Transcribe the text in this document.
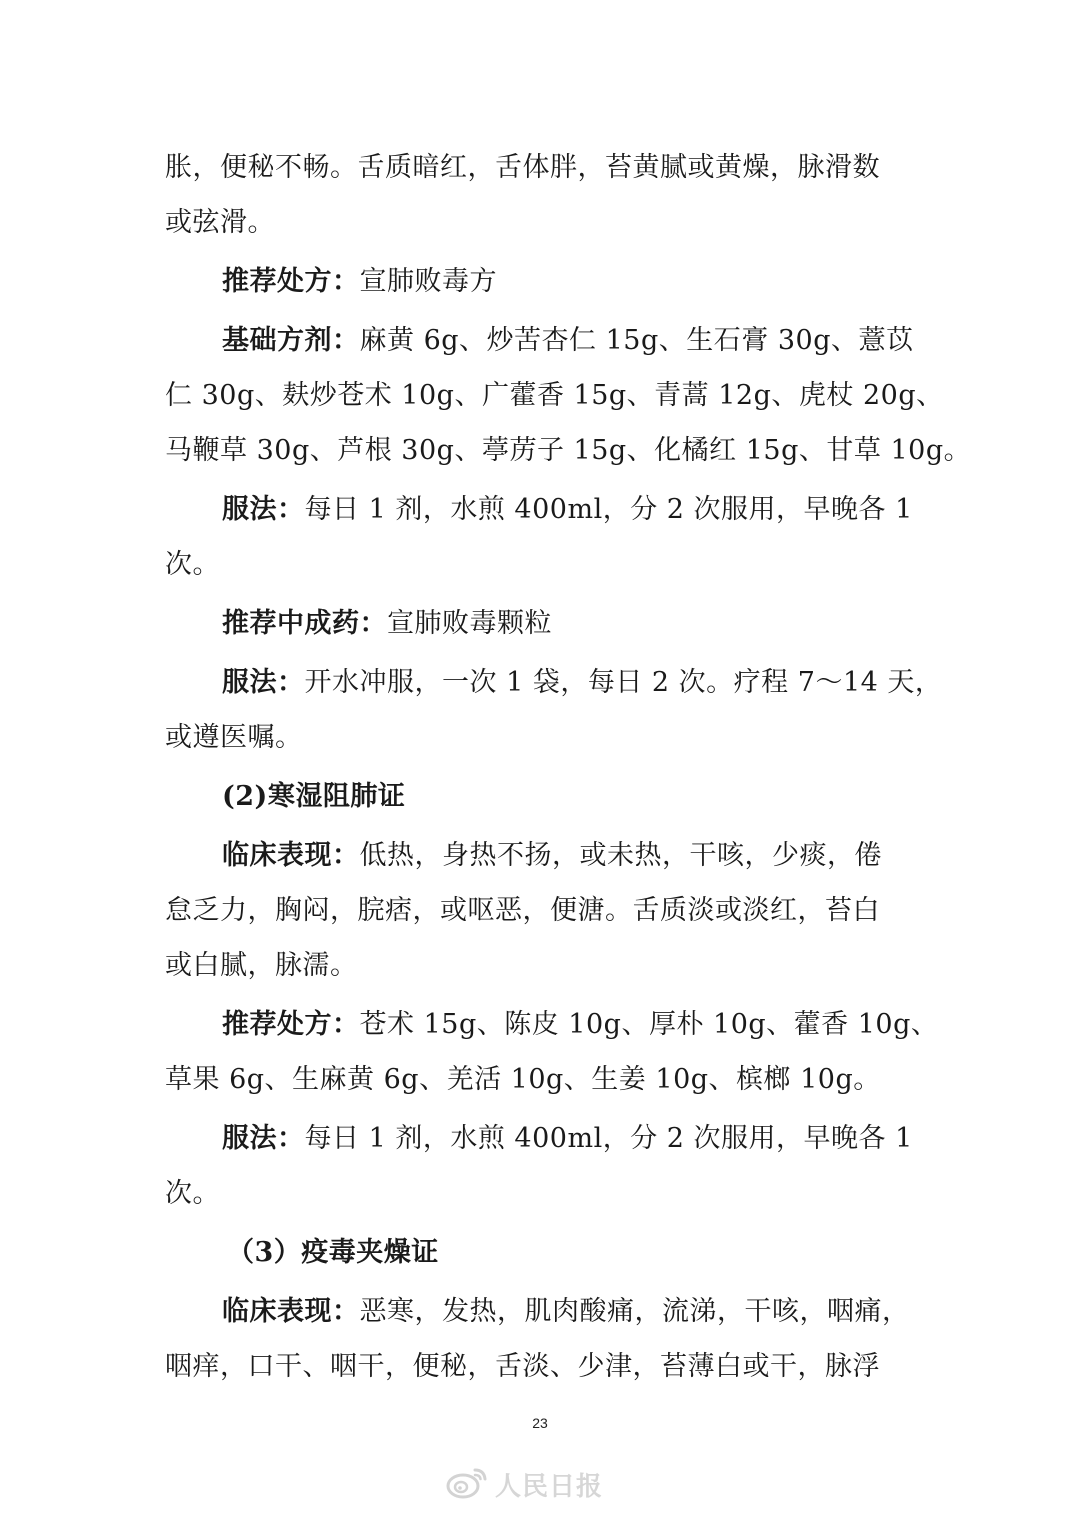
胀，便秘不畅。舌质暗红，舌体胖，苔黄腻或黄燥，脉滑数
或弦滑。
推荐处方：宣肺败毒方
基础方剂：麻黄 6g、炒苦杏仁 15g、生石膏 30g、薏苡
仁 30g、麸炒苍术 10g、广藿香 15g、青蒿 12g、虎杖 20g、
马鞭草 30g、芦根 30g、葶苈子 15g、化橘红 15g、甘草 10g。
服法：每日 1 剂，水煎 400ml，分 2 次服用，早晚各 1
次。
推荐中成药：宣肺败毒颗粒
服法：开水冲服，一次 1 袋，每日 2 次。疗程 7～14 天，
或遵医嘱。
(2)寒湿阻肺证
临床表现：低热，身热不扬，或未热，干咳，少痰，倦
怠乏力，胸闷，脘痞，或呕恶，便溏。舌质淡或淡红，苔白
或白腻，脉濡。
推荐处方：苍术 15g、陈皮 10g、厚朴 10g、藿香 10g、
草果 6g、生麻黄 6g、羌活 10g、生姜 10g、槟榔 10g。
服法：每日 1 剂，水煎 400ml，分 2 次服用，早晚各 1
次。
（3）疫毒夹燥证
临床表现：恶寒，发热，肌肉酸痛，流涕，干咳，咽痛，
咽痒，口干、咽干，便秘，舌淡、少津，苔薄白或干，脉浮
23
人民日报
